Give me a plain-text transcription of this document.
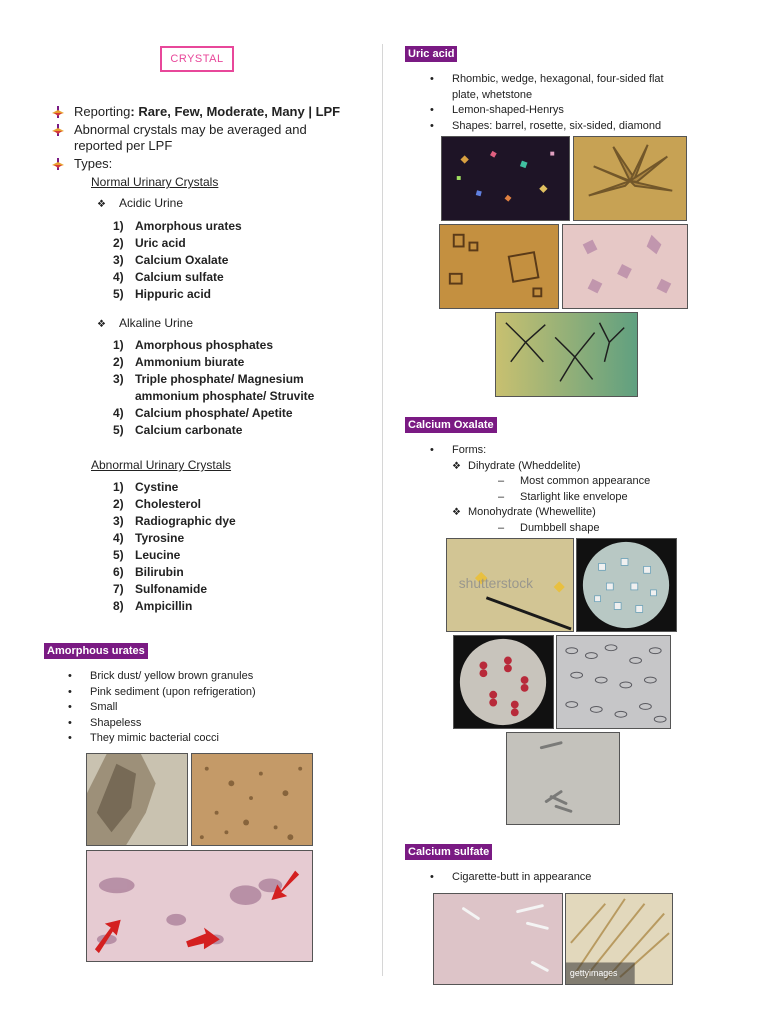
CRYSTAL
Reporting: Rare, Few, Moderate, Many | LPF
Abnormal crystals may be averaged and
reported per LPF
Types:
Normal Urinary Crystals
❖ Acidic Urine
1) Amorphous urates
2) Uric acid
3) Calcium Oxalate
4) Calcium sulfate
5) Hippuric acid
❖ Alkaline Urine
1) Amorphous phosphates
2) Ammonium biurate
3) Triple phosphate/ Magnesium
ammonium phosphate/ Struvite
4) Calcium phosphate/ Apetite
5) Calcium carbonate
Abnormal Urinary Crystals
1) Cystine
2) Cholesterol
3) Radiographic dye
4) Tyrosine
5) Leucine
6) Bilirubin
7) Sulfonamide
8) Ampicillin
Amorphous urates
• Brick dust/ yellow brown granules
• Pink sediment (upon refrigeration)
• Small
• Shapeless
• They mimic bacterial cocci
Uric acid
• Rhombic, wedge, hexagonal, four-sided flat
plate, whetstone
• Lemon-shaped-Henrys
• Shapes: barrel, rosette, six-sided, diamond
Calcium Oxalate
• Forms:
❖ Dihydrate (Wheddelite)
– Most common appearance
– Starlight like envelope
❖ Monohydrate (Whewellite)
– Dumbbell shape
shutterstock
Calcium sulfate
• Cigarette-butt in appearance
gettyimages
